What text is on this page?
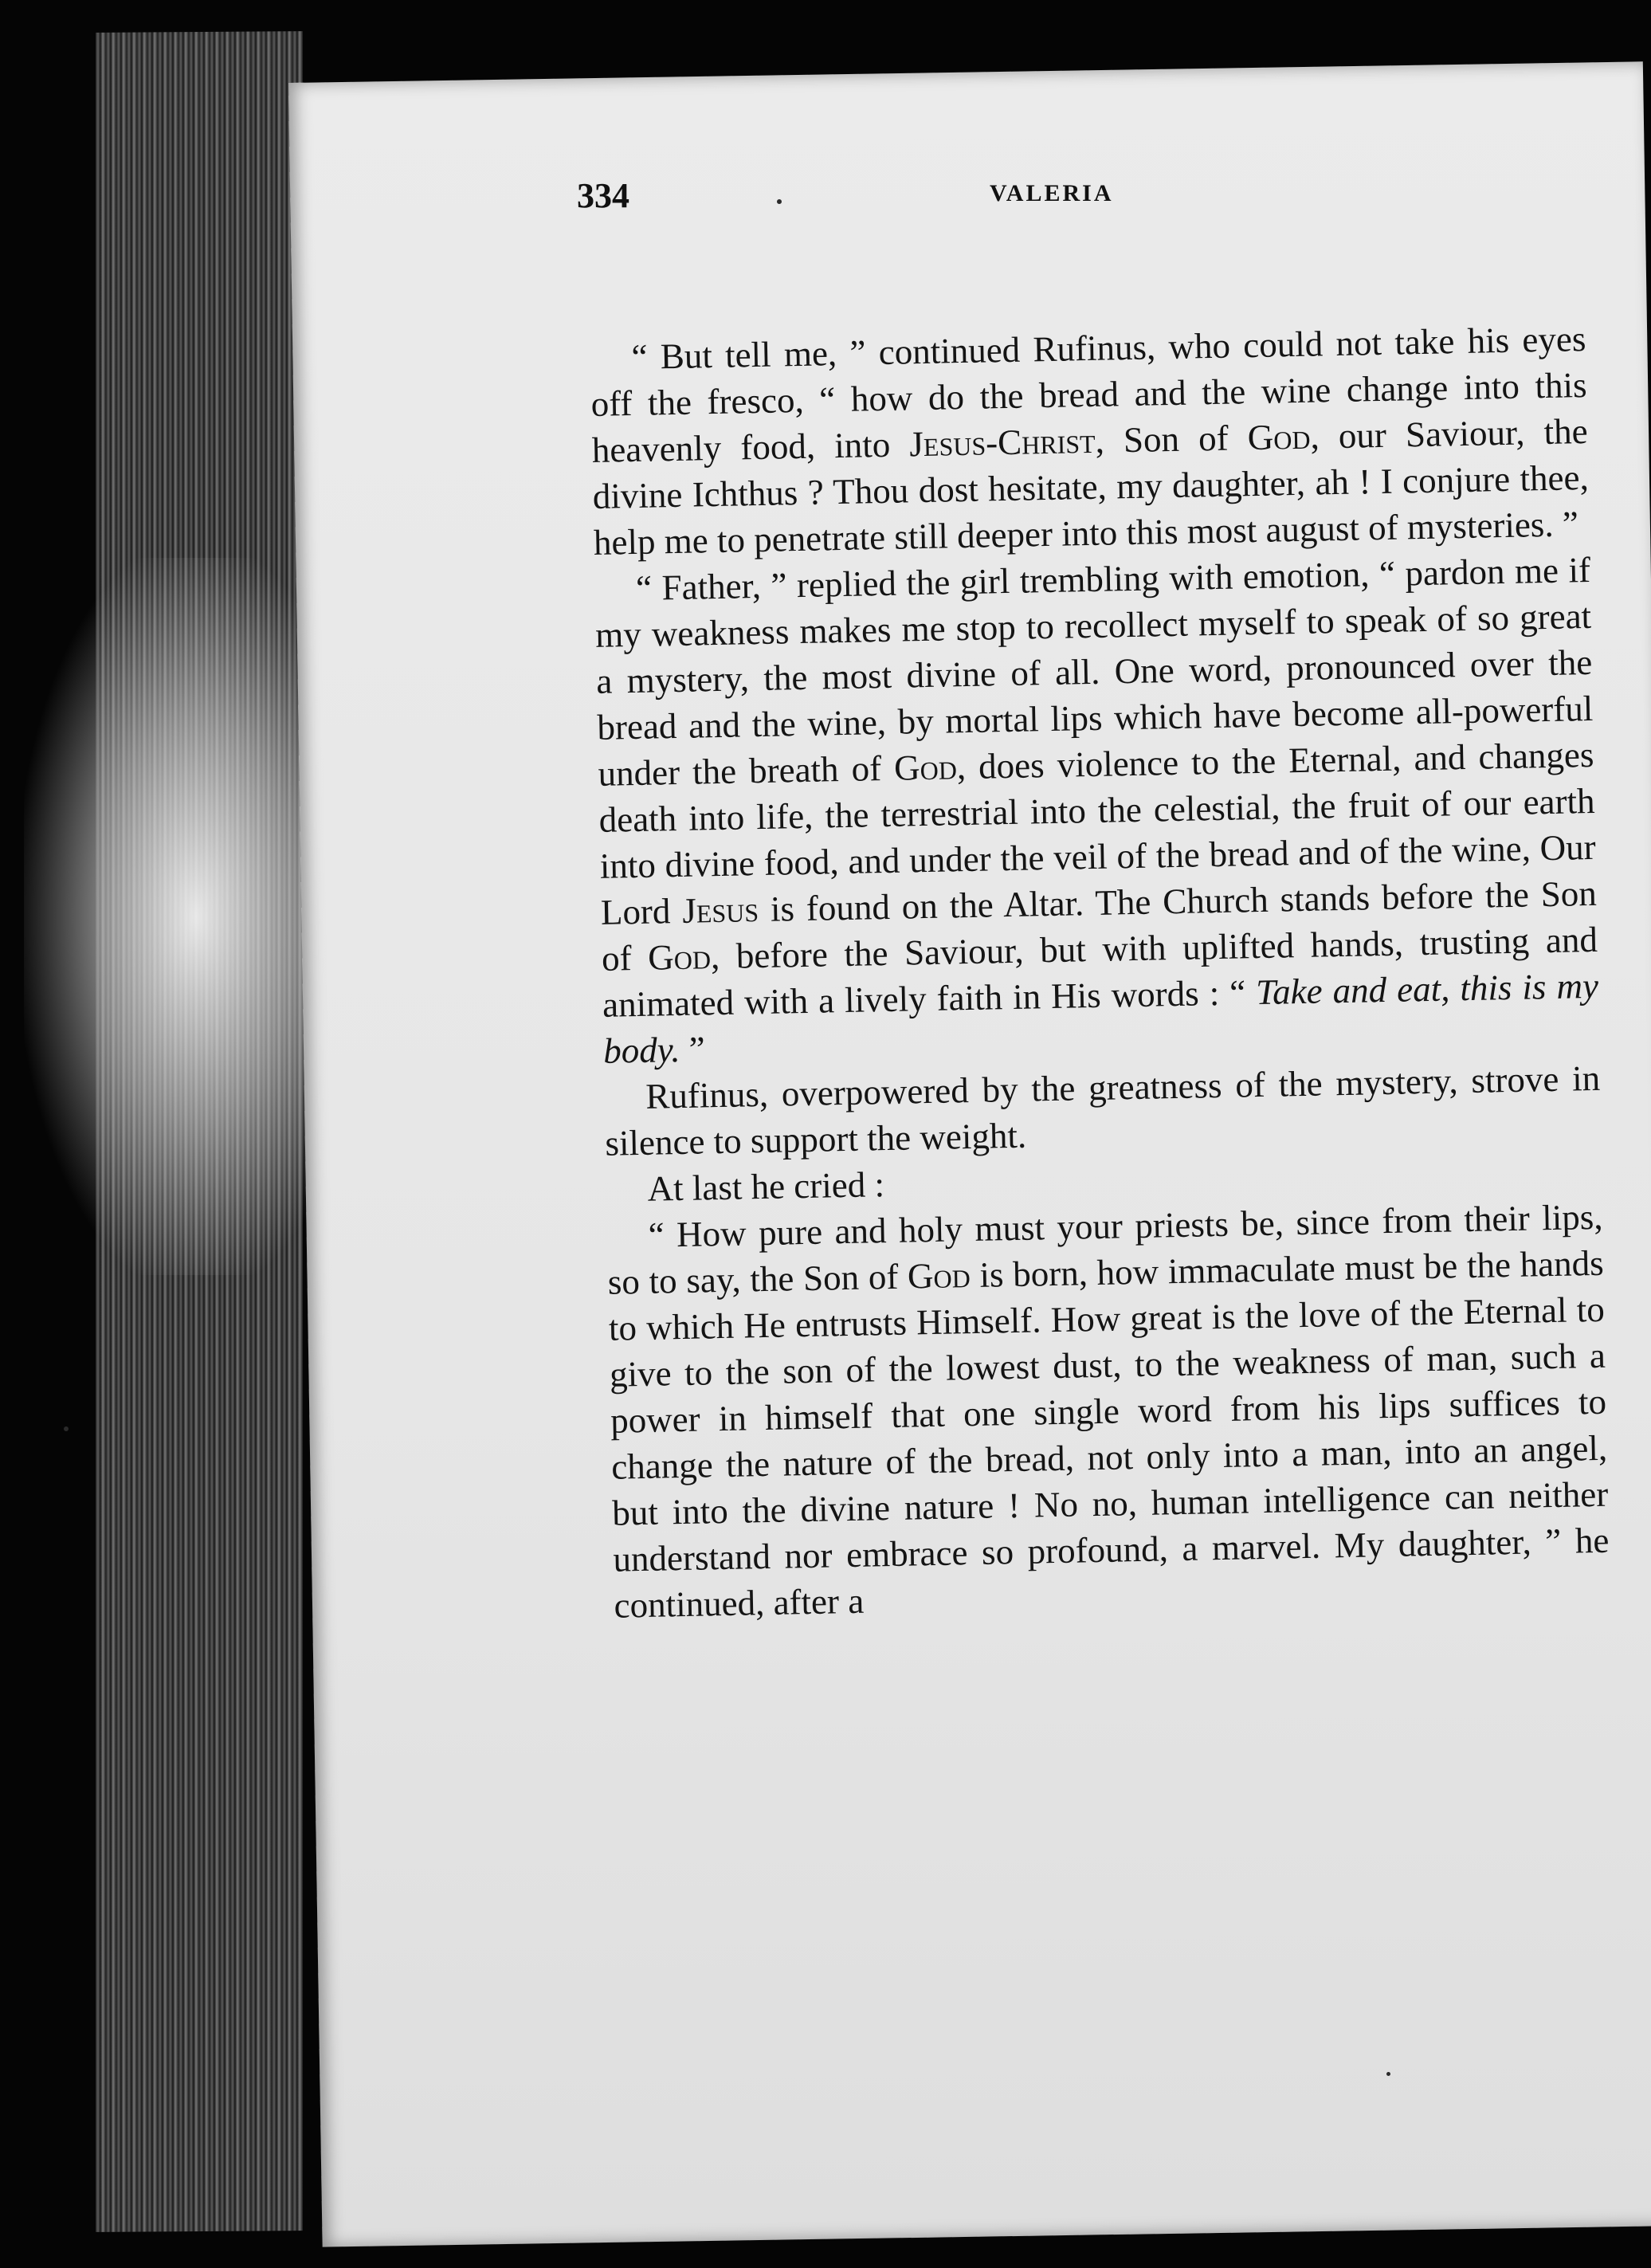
334	VALERIA

“ But tell me, ” continued Rufinus, who could not take his eyes off the fresco, “ how do the bread and the wine change into this heavenly food, into Jesus-Christ, Son of God, our Saviour, the divine Ichthus ? Thou dost hesitate, my daughter, ah ! I conjure thee, help me to penetrate still deeper into this most august of mysteries. ”

“ Father, ” replied the girl trembling with emotion, “ pardon me if my weakness makes me stop to recollect myself to speak of so great a mystery, the most divine of all. One word, pronounced over the bread and the wine, by mortal lips which have become all-powerful under the breath of God, does violence to the Eternal, and changes death into life, the terrestrial into the celestial, the fruit of our earth into divine food, and under the veil of the bread and of the wine, Our Lord Jesus is found on the Altar. The Church stands before the Son of God, before the Saviour, but with uplifted hands, trusting and animated with a lively faith in His words : “ Take and eat, this is my body. ”

Rufinus, overpowered by the greatness of the mystery, strove in silence to support the weight.

At last he cried :

“ How pure and holy must your priests be, since from their lips, so to say, the Son of God is born, how immaculate must be the hands to which He entrusts Himself. How great is the love of the Eternal to give to the son of the lowest dust, to the weakness of man, such a power in himself that one single word from his lips suffices to change the nature of the bread, not only into a man, into an angel, but into the divine nature ! No no, human intelligence can neither understand nor embrace so profound, a marvel. My daughter, ” he continued, after a
